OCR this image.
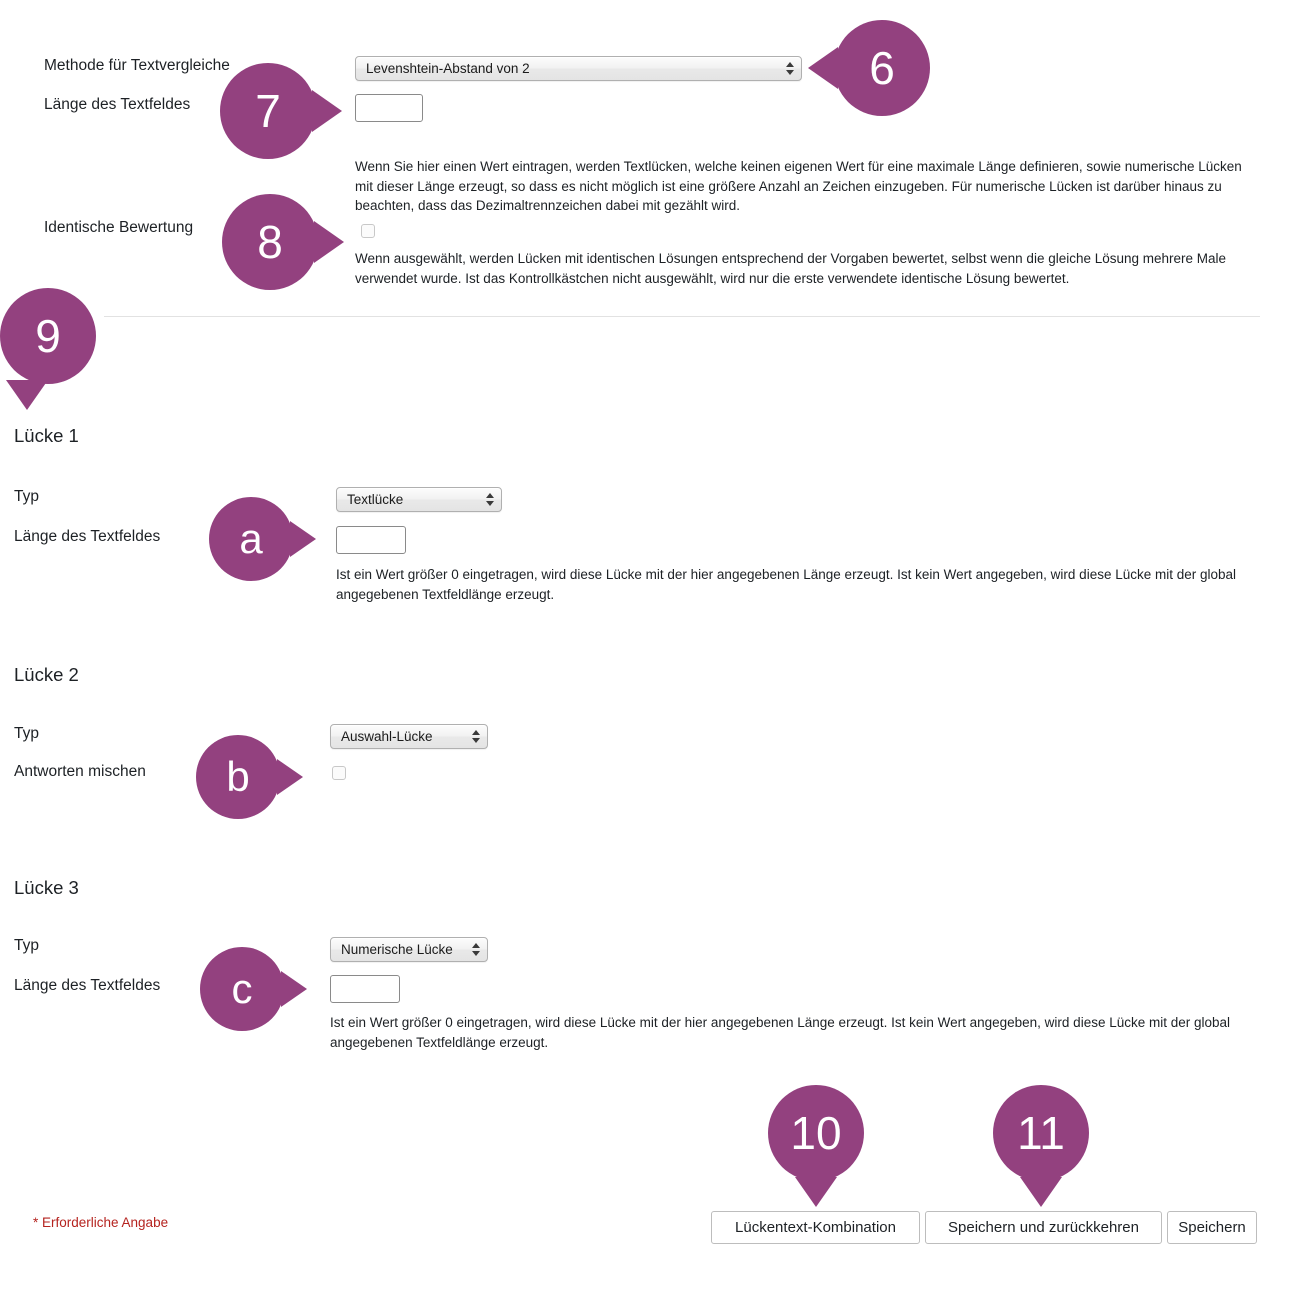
Methode für Textvergleiche	Levenshtein-Abstand von 2
Länge des Textfeldes
Wenn Sie hier einen Wert eintragen, werden Textlücken, welche keinen eigenen Wert für eine maximale Länge definieren, sowie numerische Lücken mit dieser Länge erzeugt, so dass es nicht möglich ist eine größere Anzahl an Zeichen einzugeben. Für numerische Lücken ist darüber hinaus zu beachten, dass das Dezimaltrennzeichen dabei mit gezählt wird.
Identische Bewertung
Wenn ausgewählt, werden Lücken mit identischen Lösungen entsprechend der Vorgaben bewertet, selbst wenn die gleiche Lösung mehrere Male verwendet wurde. Ist das Kontrollkästchen nicht ausgewählt, wird nur die erste verwendete identische Lösung bewertet.
Lücke 1
Typ	Textlücke
Länge des Textfeldes
Ist ein Wert größer 0 eingetragen, wird diese Lücke mit der hier angegebenen Länge erzeugt. Ist kein Wert angegeben, wird diese Lücke mit der global angegebenen Textfeldlänge erzeugt.
Lücke 2
Typ	Auswahl-Lücke
Antworten mischen
Lücke 3
Typ	Numerische Lücke
Länge des Textfeldes
Ist ein Wert größer 0 eingetragen, wird diese Lücke mit der hier angegebenen Länge erzeugt. Ist kein Wert angegeben, wird diese Lücke mit der global angegebenen Textfeldlänge erzeugt.
* Erforderliche Angabe	Lückentext-Kombination	Speichern und zurückkehren	Speichern
6
7
8
9
a
b
c
10	11
